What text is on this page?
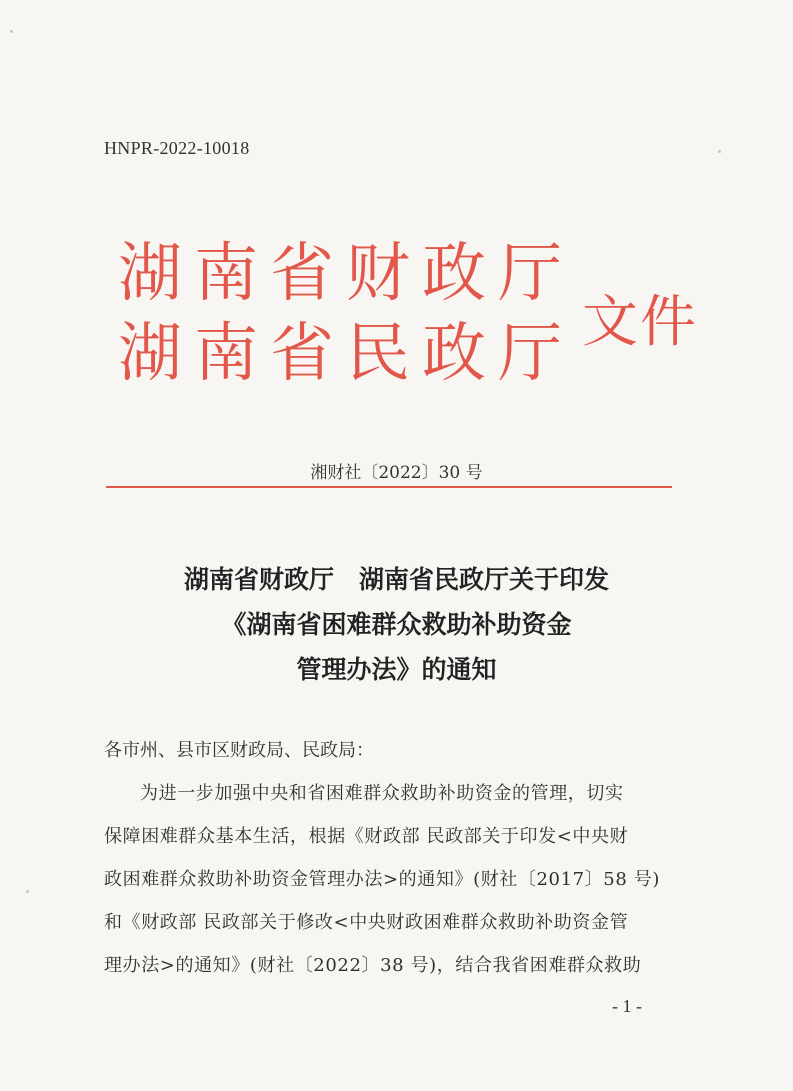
HNPR-2022-10018
湖南省财政厅
湖南省民政厅 文件
湘财社〔2022〕30 号
湖南省财政厅　湖南省民政厅关于印发
《湖南省困难群众救助补助资金
管理办法》的通知
各市州、县市区财政局、民政局：
为进一步加强中央和省困难群众救助补助资金的管理，切实
保障困难群众基本生活，根据《财政部 民政部关于印发<中央财
政困难群众救助补助资金管理办法>的通知》(财社〔2017〕58 号)
和《财政部 民政部关于修改<中央财政困难群众救助补助资金管
理办法>的通知》(财社〔2022〕38 号)，结合我省困难群众救助
- 1 -
